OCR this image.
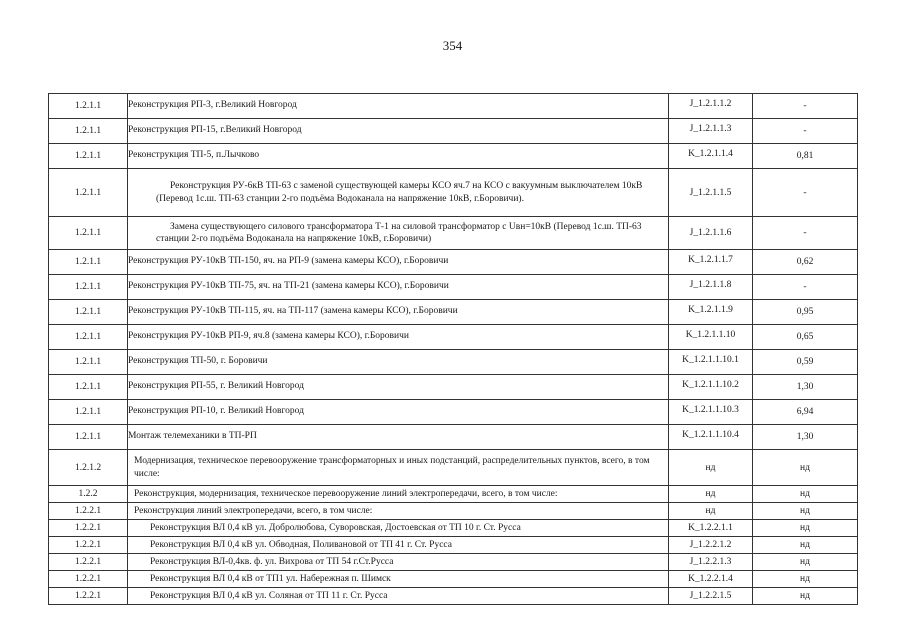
354
1.2.1.1	Реконструкция РП-3, г.Великий Новгород	J_1.2.1.1.2	-
1.2.1.1	Реконструкция РП-15, г.Великий Новгород	J_1.2.1.1.3	-
1.2.1.1	Реконструкция ТП-5, п.Лычково	K_1.2.1.1.4	0,81
1.2.1.1	Реконструкция РУ-6кВ ТП-63 с заменой существующей камеры КСО яч.7 на КСО с вакуумным выключателем 10кВ (Перевод 1с.ш. ТП-63 станции 2-го подъёма Водоканала на напряжение 10кВ, г.Боровичи).	J_1.2.1.1.5	-
1.2.1.1	Замена существующего силового трансформатора Т-1 на силовой трансформатор с Uвн=10кВ (Перевод 1с.ш. ТП-63 станции 2-го подъёма Водоканала на напряжение 10кВ, г.Боровичи)	J_1.2.1.1.6	-
1.2.1.1	Реконструкция РУ-10кВ ТП-150, яч. на РП-9 (замена камеры КСО), г.Боровичи	K_1.2.1.1.7	0,62
1.2.1.1	Реконструкция РУ-10кВ ТП-75, яч. на ТП-21 (замена камеры КСО), г.Боровичи	J_1.2.1.1.8	-
1.2.1.1	Реконструкция РУ-10кВ ТП-115, яч. на ТП-117 (замена камеры КСО), г.Боровичи	K_1.2.1.1.9	0,95
1.2.1.1	Реконструкция РУ-10кВ РП-9, яч.8 (замена камеры КСО), г.Боровичи	K_1.2.1.1.10	0,65
1.2.1.1	Реконструкция ТП-50, г. Боровичи	K_1.2.1.1.10.1	0,59
1.2.1.1	Реконструкция РП-55, г. Великий Новгород	K_1.2.1.1.10.2	1,30
1.2.1.1	Реконструкция РП-10, г. Великий Новгород	K_1.2.1.1.10.3	6,94
1.2.1.1	Монтаж телемеханики в ТП-РП	K_1.2.1.1.10.4	1,30
1.2.1.2	Модернизация, техническое перевооружение трансформаторных и иных подстанций, распределительных пунктов, всего, в том числе:	нд	нд
1.2.2	Реконструкция, модернизация, техническое перевооружение линий электропередачи, всего, в том числе:	нд	нд
1.2.2.1	Реконструкция линий электропередачи, всего, в том числе:	нд	нд
1.2.2.1	Реконструкция ВЛ 0,4 кВ ул. Добролюбова, Суворовская, Достоевская от ТП 10 г. Ст. Русса	K_1.2.2.1.1	нд
1.2.2.1	Реконструкция ВЛ 0,4 кВ ул. Обводная, Поливановой от ТП 41 г. Ст. Русса	J_1.2.2.1.2	нд
1.2.2.1	Реконструкция ВЛ-0,4кв. ф. ул. Вихрова от ТП 54 г.Ст.Русса	J_1.2.2.1.3	нд
1.2.2.1	Реконструкция ВЛ 0,4 кВ от ТП1 ул. Набережная п. Шимск	K_1.2.2.1.4	нд
1.2.2.1	Реконструкция ВЛ 0,4 кВ ул. Соляная от ТП 11 г. Ст. Русса	J_1.2.2.1.5	нд
